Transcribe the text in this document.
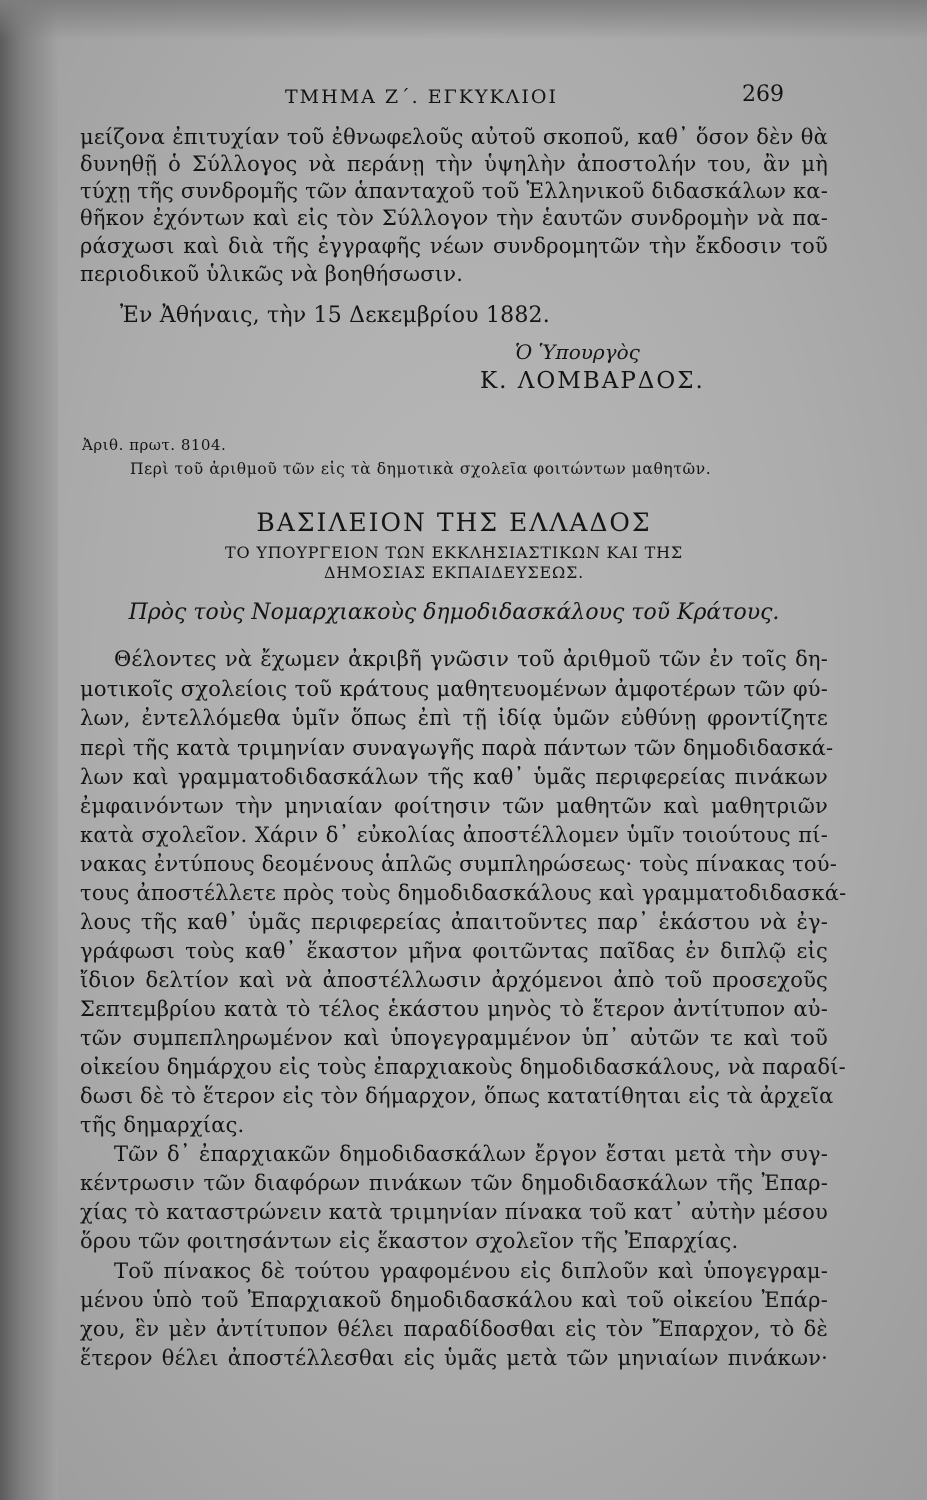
ΤΜΗΜΑ Ζ΄. ΕΓΚΥΚΛΙΟΙ	269
μείζονα ἐπιτυχίαν τοῦ ἐθνωφελοῦς αὐτοῦ σκοποῦ, καθ᾽ ὅσον δὲν θὰ
δυνηθῇ ὁ Σύλλογος νὰ περάνῃ τὴν ὑψηλὴν ἀποστολήν του, ἂν μὴ
τύχῃ τῆς συνδρομῆς τῶν ἁπανταχοῦ τοῦ Ἑλληνικοῦ διδασκάλων κα-
θῆκον ἐχόντων καὶ εἰς τὸν Σύλλογον τὴν ἑαυτῶν συνδρομὴν νὰ πα-
ράσχωσι καὶ διὰ τῆς ἐγγραφῆς νέων συνδρομητῶν τὴν ἔκδοσιν τοῦ
περιοδικοῦ ὑλικῶς νὰ βοηθήσωσιν.
Ἐν Ἀθήναις, τὴν 15 Δεκεμβρίου 1882.
Ὁ Ὑπουργὸς
Κ. ΛΟΜΒΑΡΔΟΣ.
Ἀριθ. πρωτ. 8104.
Περὶ τοῦ ἀριθμοῦ τῶν εἰς τὰ δημοτικὰ σχολεῖα φοιτώντων μαθητῶν.
ΒΑΣΙΛΕΙΟΝ ΤΗΣ ΕΛΛΑΔΟΣ
ΤΟ ΥΠΟΥΡΓΕΙΟΝ ΤΩΝ ΕΚΚΛΗΣΙΑΣΤΙΚΩΝ ΚΑΙ ΤΗΣ
ΔΗΜΟΣΙΑΣ ΕΚΠΑΙΔΕΥΣΕΩΣ.
Πρὸς τοὺς Νομαρχιακοὺς δημοδιδασκάλους τοῦ Κράτους.
Θέλοντες νὰ ἔχωμεν ἀκριβῆ γνῶσιν τοῦ ἀριθμοῦ τῶν ἐν τοῖς δη-
μοτικοῖς σχολείοις τοῦ κράτους μαθητευομένων ἀμφοτέρων τῶν φύ-
λων, ἐντελλόμεθα ὑμῖν ὅπως ἐπὶ τῇ ἰδίᾳ ὑμῶν εὐθύνῃ φροντίζητε
περὶ τῆς κατὰ τριμηνίαν συναγωγῆς παρὰ πάντων τῶν δημοδιδασκά-
λων καὶ γραμματοδιδασκάλων τῆς καθ᾽ ὑμᾶς περιφερείας πινάκων
ἐμφαινόντων τὴν μηνιαίαν φοίτησιν τῶν μαθητῶν καὶ μαθητριῶν
κατὰ σχολεῖον. Χάριν δ᾽ εὐκολίας ἀποστέλλομεν ὑμῖν τοιούτους πί-
νακας ἐντύπους δεομένους ἁπλῶς συμπληρώσεως· τοὺς πίνακας τού-
τους ἀποστέλλετε πρὸς τοὺς δημοδιδασκάλους καὶ γραμματοδιδασκά-
λους τῆς καθ᾽ ὑμᾶς περιφερείας ἀπαιτοῦντες παρ᾽ ἑκάστου νὰ ἐγ-
γράφωσι τοὺς καθ᾽ ἕκαστον μῆνα φοιτῶντας παῖδας ἐν διπλῷ εἰς
ἴδιον δελτίον καὶ νὰ ἀποστέλλωσιν ἀρχόμενοι ἀπὸ τοῦ προσεχοῦς
Σεπτεμβρίου κατὰ τὸ τέλος ἑκάστου μηνὸς τὸ ἕτερον ἀντίτυπον αὐ-
τῶν συμπεπληρωμένον καὶ ὑπογεγραμμένον ὑπ᾽ αὐτῶν τε καὶ τοῦ
οἰκείου δημάρχου εἰς τοὺς ἐπαρχιακοὺς δημοδιδασκάλους, νὰ παραδί-
δωσι δὲ τὸ ἕτερον εἰς τὸν δήμαρχον, ὅπως κατατίθηται εἰς τὰ ἀρχεῖα
τῆς δημαρχίας.
Τῶν δ᾽ ἐπαρχιακῶν δημοδιδασκάλων ἔργον ἔσται μετὰ τὴν συγ-
κέντρωσιν τῶν διαφόρων πινάκων τῶν δημοδιδασκάλων τῆς Ἐπαρ-
χίας τὸ καταστρώνειν κατὰ τριμηνίαν πίνακα τοῦ κατ᾽ αὐτὴν μέσου
ὅρου τῶν φοιτησάντων εἰς ἕκαστον σχολεῖον τῆς Ἐπαρχίας.
Τοῦ πίνακος δὲ τούτου γραφομένου εἰς διπλοῦν καὶ ὑπογεγραμ-
μένου ὑπὸ τοῦ Ἐπαρχιακοῦ δημοδιδασκάλου καὶ τοῦ οἰκείου Ἐπάρ-
χου, ἓν μὲν ἀντίτυπον θέλει παραδίδοσθαι εἰς τὸν Ἔπαρχον, τὸ δὲ
ἕτερον θέλει ἀποστέλλεσθαι εἰς ὑμᾶς μετὰ τῶν μηνιαίων πινάκων·
